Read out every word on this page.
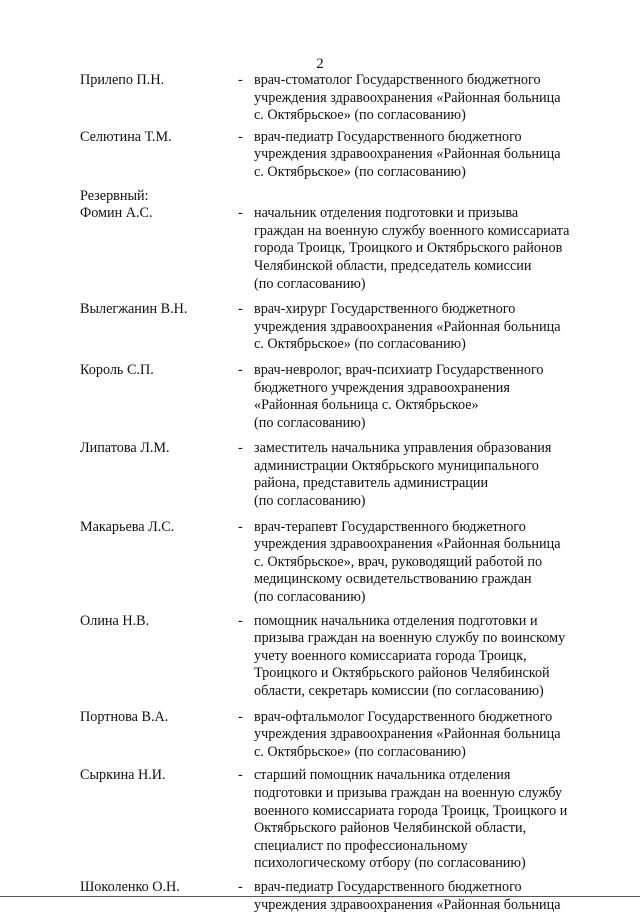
2
Прилепо П.Н.	- врач-стоматолог Государственного бюджетного
учреждения здравоохранения «Районная больница
с. Октябрьское» (по согласованию)
Селютина Т.М.	- врач-педиатр Государственного бюджетного
учреждения здравоохранения «Районная больница
с. Октябрьское» (по согласованию)
Резервный:
Фомин А.С.	- начальник отделения подготовки и призыва
граждан на военную службу военного комиссариата
города Троицк, Троицкого и Октябрьского районов
Челябинской области, председатель комиссии
(по согласованию)
Вылегжанин В.Н.	- врач-хирург Государственного бюджетного
учреждения здравоохранения «Районная больница
с. Октябрьское» (по согласованию)
Король С.П.	- врач-невролог, врач-психиатр Государственного
бюджетного учреждения здравоохранения
«Районная больница с. Октябрьское»
(по согласованию)
Липатова Л.М.	- заместитель начальника управления образования
администрации Октябрьского муниципального
района, представитель администрации
(по согласованию)
Макарьева Л.С.	- врач-терапевт Государственного бюджетного
учреждения здравоохранения «Районная больница
с. Октябрьское», врач, руководящий работой по
медицинскому освидетельствованию граждан
(по согласованию)
Олина Н.В.	- помощник начальника отделения подготовки и
призыва граждан на военную службу по воинскому
учету военного комиссариата города Троицк,
Троицкого и Октябрьского районов Челябинской
области, секретарь комиссии (по согласованию)
Портнова В.А.	- врач-офтальмолог Государственного бюджетного
учреждения здравоохранения «Районная больница
с. Октябрьское» (по согласованию)
Сыркина Н.И.	- старший помощник начальника отделения
подготовки и призыва граждан на военную службу
военного комиссариата города Троицк, Троицкого и
Октябрьского районов Челябинской области,
специалист по профессиональному
психологическому отбору (по согласованию)
Шоколенко О.Н.	- врач-педиатр Государственного бюджетного
учреждения здравоохранения «Районная больница
